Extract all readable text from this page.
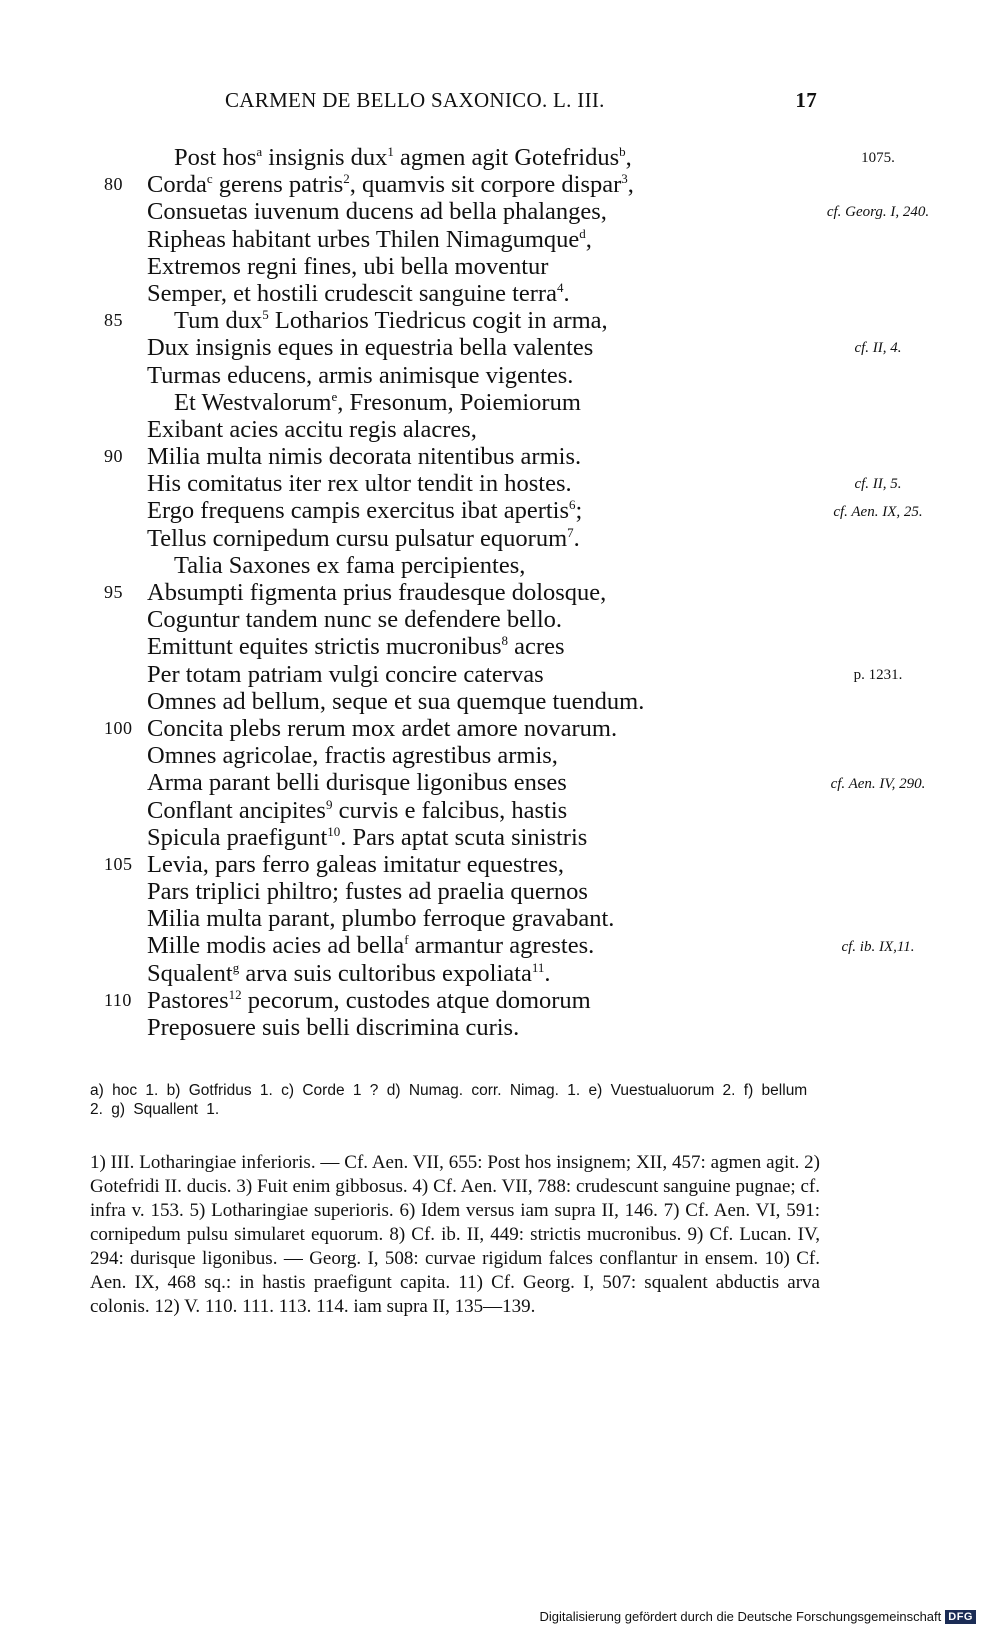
CARMEN DE BELLO SAXONICO. L. III.	17
Post hos$^a$ insignis dux$^1$ agmen agit Gotefridus$^b$,
80 Corda$^c$ gerens patris$^2$, quamvis sit corpore dispar$^3$,
Consuetas iuvenum ducens ad bella phalanges,
Ripheas habitant urbes Thilen Nimagumque$^d$,
Extremos regni fines, ubi bella moventur
Semper, et hostili crudescit sanguine terra$^4$.
85	Tum dux$^5$ Lotharios Tiedricus cogit in arma,
Dux insignis eques in equestria bella valentes
Turmas educens, armis animisque vigentes.
Et Westvalorum$^e$, Fresonum, Poiemiorum
Exibant acies accitu regis alacres,
90 Milia multa nimis decorata nitentibus armis.
His comitatus iter rex ultor tendit in hostes.
Ergo frequens campis exercitus ibat apertis$^6$;
Tellus cornipedum cursu pulsatur equorum$^7$.
Talia Saxones ex fama percipientes,
95 Absumpti figmenta prius fraudesque dolosque,
Coguntur tandem nunc se defendere bello.
Emittunt equites strictis mucronibus$^8$ acres
Per totam patriam vulgi concire catervas
Omnes ad bellum, seque et sua quemque tuendum.
100 Concita plebs rerum mox ardet amore novarum.
Omnes agricolae, fractis agrestibus armis,
Arma parant belli durisque ligonibus enses
Conflant ancipites$^9$ curvis e falcibus, hastis
Spicula praefigunt$^{10}$. Pars aptat scuta sinistris
105 Levia, pars ferro galeas imitatur equestres,
Pars triplici philtro; fustes ad praelia quernos
Milia multa parant, plumbo ferroque gravabant.
Mille modis acies ad bella$^f$ armantur agrestes.
Squalent$^g$ arva suis cultoribus expoliata$^{11}$.
110 Pastores$^{12}$ pecorum, custodes atque domorum
Preposuere suis belli discrimina curis.
a) hoc 1. b) Gotfridus 1. c) Corde 1 ? d) Numag. corr. Nimag. 1. e) Vuestualuorum 2. f) bellum 2. g) Squallent 1.
1) III. Lotharingiae inferioris. — Cf. Aen. VII, 655: Post hos insignem; XII, 457: agmen agit. 2) Gotefridi II. ducis. 3) Fuit enim gibbosus. 4) Cf. Aen. VII, 788: crudescunt sanguine pugnae; cf. infra v. 153. 5) Lotharingiae superioris. 6) Idem versus iam supra II, 146. 7) Cf. Aen. VI, 591: cornipedum pulsu simularet equorum. 8) Cf. ib. II, 449: strictis mucronibus. 9) Cf. Lucan. IV, 294: durisque ligonibus. — Georg. I, 508: curvae rigidum falces conflantur in ensem. 10) Cf. Aen. IX, 468 sq.: in hastis praefigunt capita. 11) Cf. Georg. I, 507: squalent abductis arva colonis. 12) V. 110. 111. 113. 114. iam supra II, 135—139.
Digitalisierung gefördert durch die Deutsche Forschungsgemeinschaft DFG
1075.
cf. Georg. I, 240.
cf. II, 4.
cf. II, 5.
cf. Aen. IX, 25.
p. 1231.
cf. Aen. IV, 290.
cf. ib. IX,11.
